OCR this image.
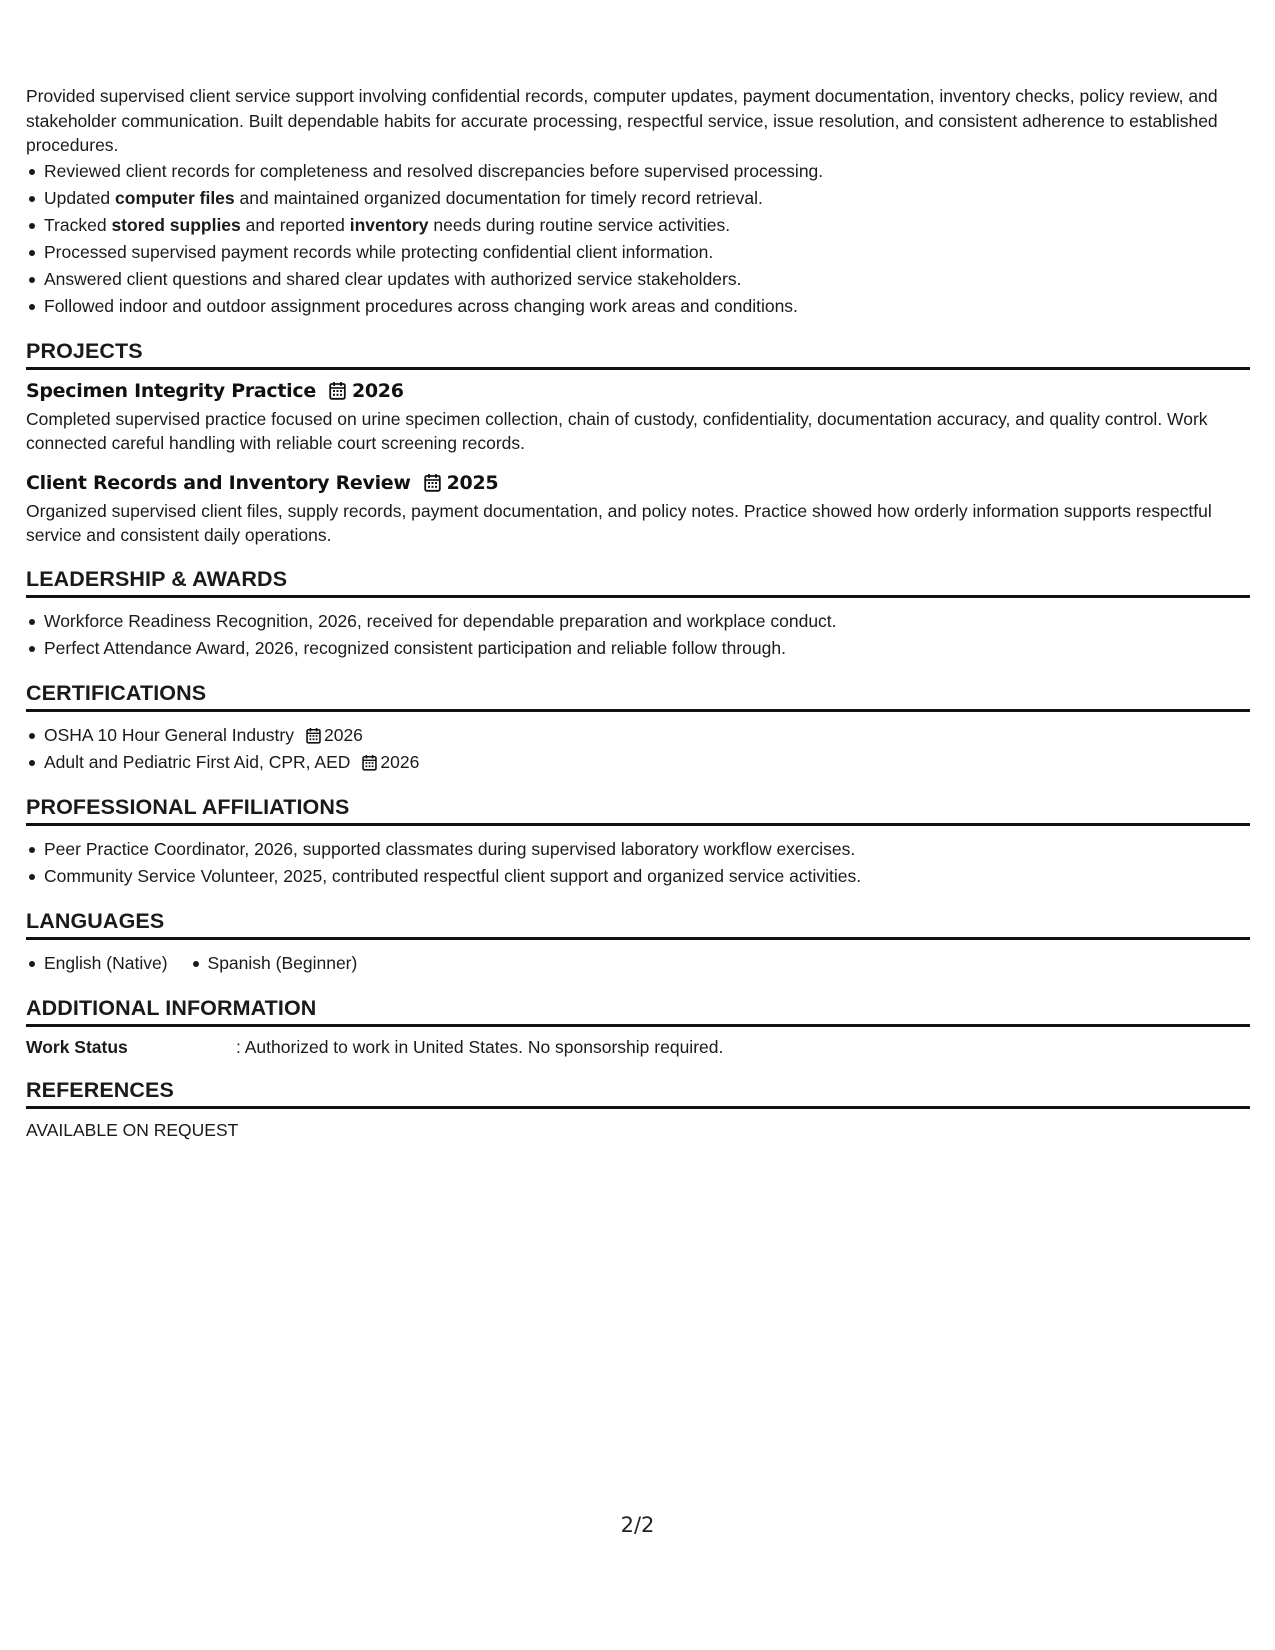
Provided supervised client service support involving confidential records, computer updates, payment documentation, inventory checks, policy review, and stakeholder communication. Built dependable habits for accurate processing, respectful service, issue resolution, and consistent adherence to established procedures.

Reviewed client records for completeness and resolved discrepancies before supervised processing.
Updated computer files and maintained organized documentation for timely record retrieval.
Tracked stored supplies and reported inventory needs during routine service activities.
Processed supervised payment records while protecting confidential client information.
Answered client questions and shared clear updates with authorized service stakeholders.
Followed indoor and outdoor assignment procedures across changing work areas and conditions.
PROJECTS
Specimen Integrity Practice 2026

Completed supervised practice focused on urine specimen collection, chain of custody, confidentiality, documentation accuracy, and quality control. Work connected careful handling with reliable court screening records.

Client Records and Inventory Review 2025

Organized supervised client files, supply records, payment documentation, and policy notes. Practice showed how orderly information supports respectful service and consistent daily operations.

LEADERSHIP & AWARDS
Workforce Readiness Recognition, 2026, received for dependable preparation and workplace conduct.
Perfect Attendance Award, 2026, recognized consistent participation and reliable follow through.
CERTIFICATIONS
OSHA 10 Hour General Industry 2026
Adult and Pediatric First Aid, CPR, AED 2026
PROFESSIONAL AFFILIATIONS
Peer Practice Coordinator, 2026, supported classmates during supervised laboratory workflow exercises.
Community Service Volunteer, 2025, contributed respectful client support and organized service activities.
LANGUAGES
English (Native)	Spanish (Beginner)
ADDITIONAL INFORMATION
Work Status	: Authorized to work in United States. No sponsorship required.
REFERENCES

AVAILABLE ON REQUEST

2/2
